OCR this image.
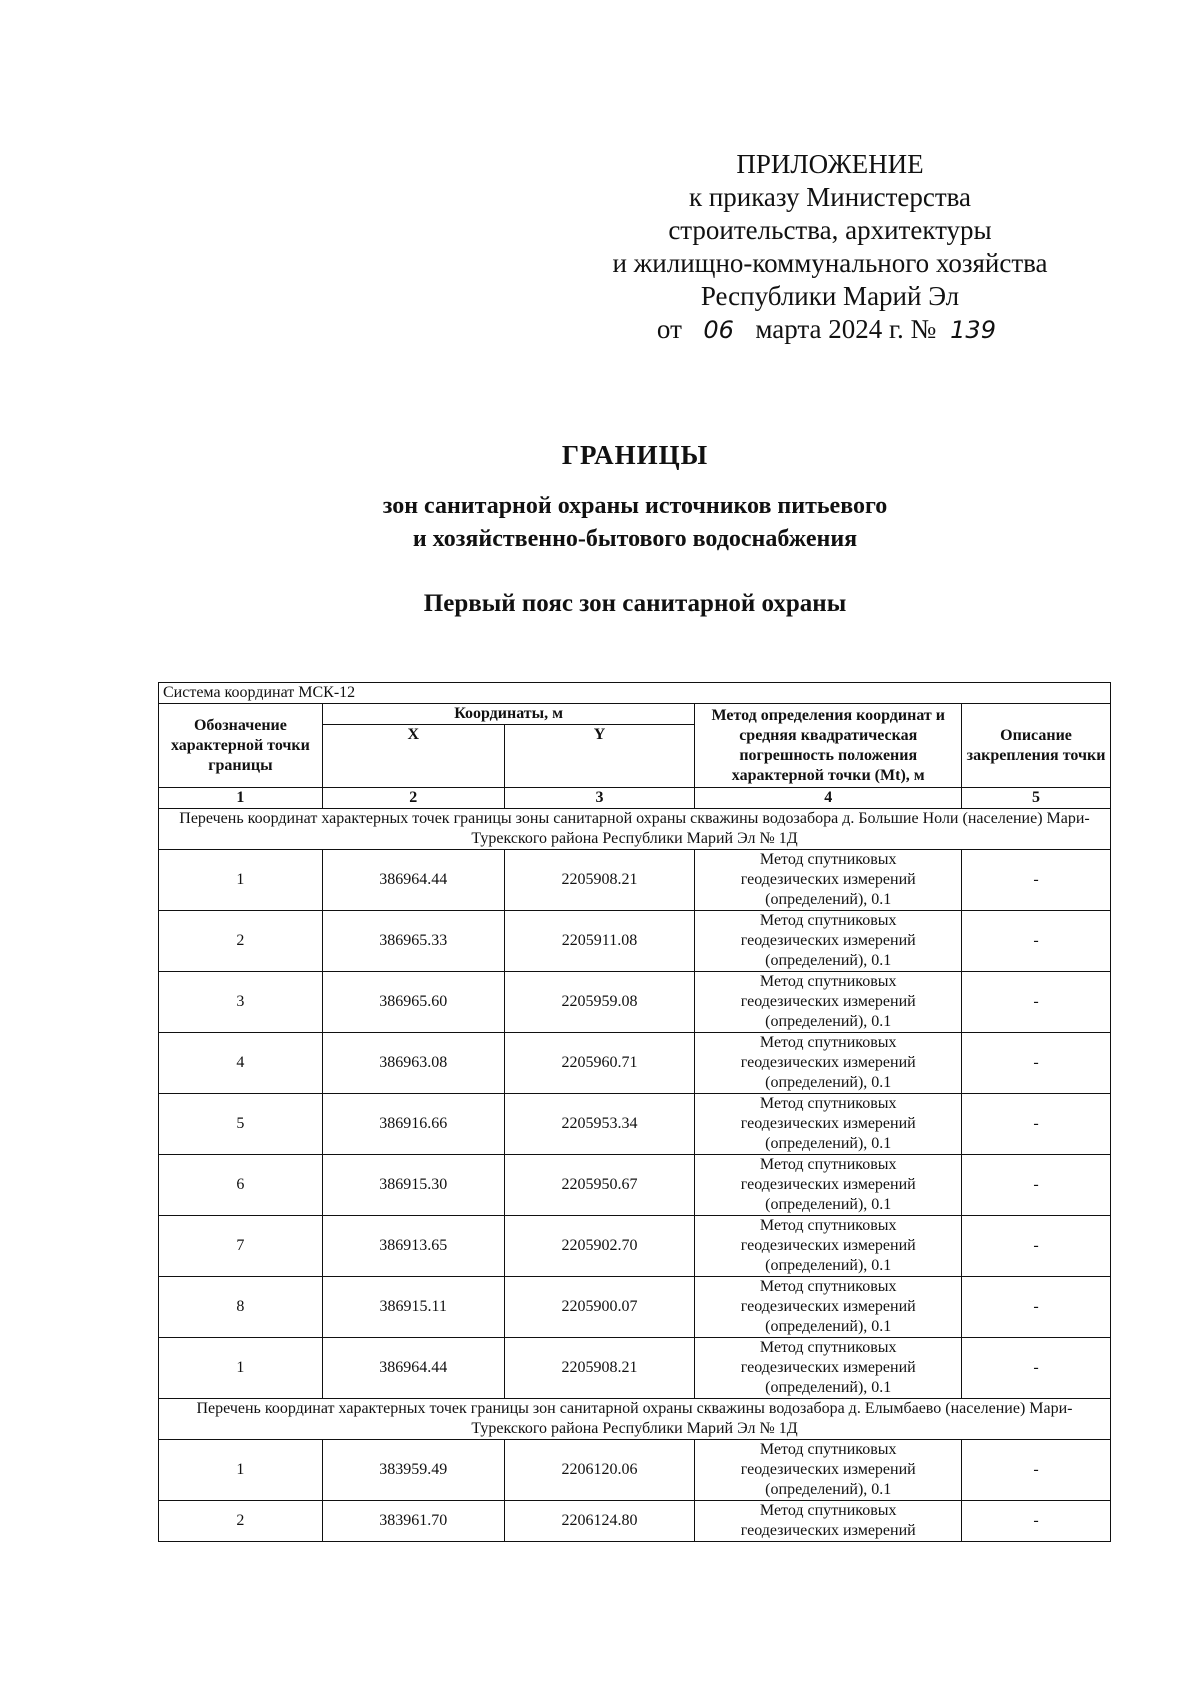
ПРИЛОЖЕНИЕ
к приказу Министерства
строительства, архитектуры
и жилищно-коммунального хозяйства
Республики Марий Эл
от 06 марта 2024 г. № 139
ГРАНИЦЫ
зон санитарной охраны источников питьевого
и хозяйственно-бытового водоснабжения
Первый пояс зон санитарной охраны
Система координат МСК-12				
Обозначение характерной точки границы	Координаты, м		Метод определения координат и средняя квадратическая погрешность положения характерной точки (Mt), м	Описание закрепления точки
	X	Y		
1	2	3	4	5
Перечень координат характерных точек границы зоны санитарной охраны скважины водозабора д. Большие Ноли (население) Мари-Турекского района Республики Марий Эл № 1Д				
1	386964.44	2205908.21	Метод спутниковых
геодезических измерений
(определений), 0.1	-
2	386965.33	2205911.08	Метод спутниковых
геодезических измерений
(определений), 0.1	-
3	386965.60	2205959.08	Метод спутниковых
геодезических измерений
(определений), 0.1	-
4	386963.08	2205960.71	Метод спутниковых
геодезических измерений
(определений), 0.1	-
5	386916.66	2205953.34	Метод спутниковых
геодезических измерений
(определений), 0.1	-
6	386915.30	2205950.67	Метод спутниковых
геодезических измерений
(определений), 0.1	-
7	386913.65	2205902.70	Метод спутниковых
геодезических измерений
(определений), 0.1	-
8	386915.11	2205900.07	Метод спутниковых
геодезических измерений
(определений), 0.1	-
1	386964.44	2205908.21	Метод спутниковых
геодезических измерений
(определений), 0.1	-
Перечень координат характерных точек границы зон санитарной охраны скважины водозабора д. Елымбаево (население) Мари-Турекского района Республики Марий Эл № 1Д				
1	383959.49	2206120.06	Метод спутниковых
геодезических измерений
(определений), 0.1	-
2	383961.70	2206124.80	Метод спутниковых
геодезических измерений	-
